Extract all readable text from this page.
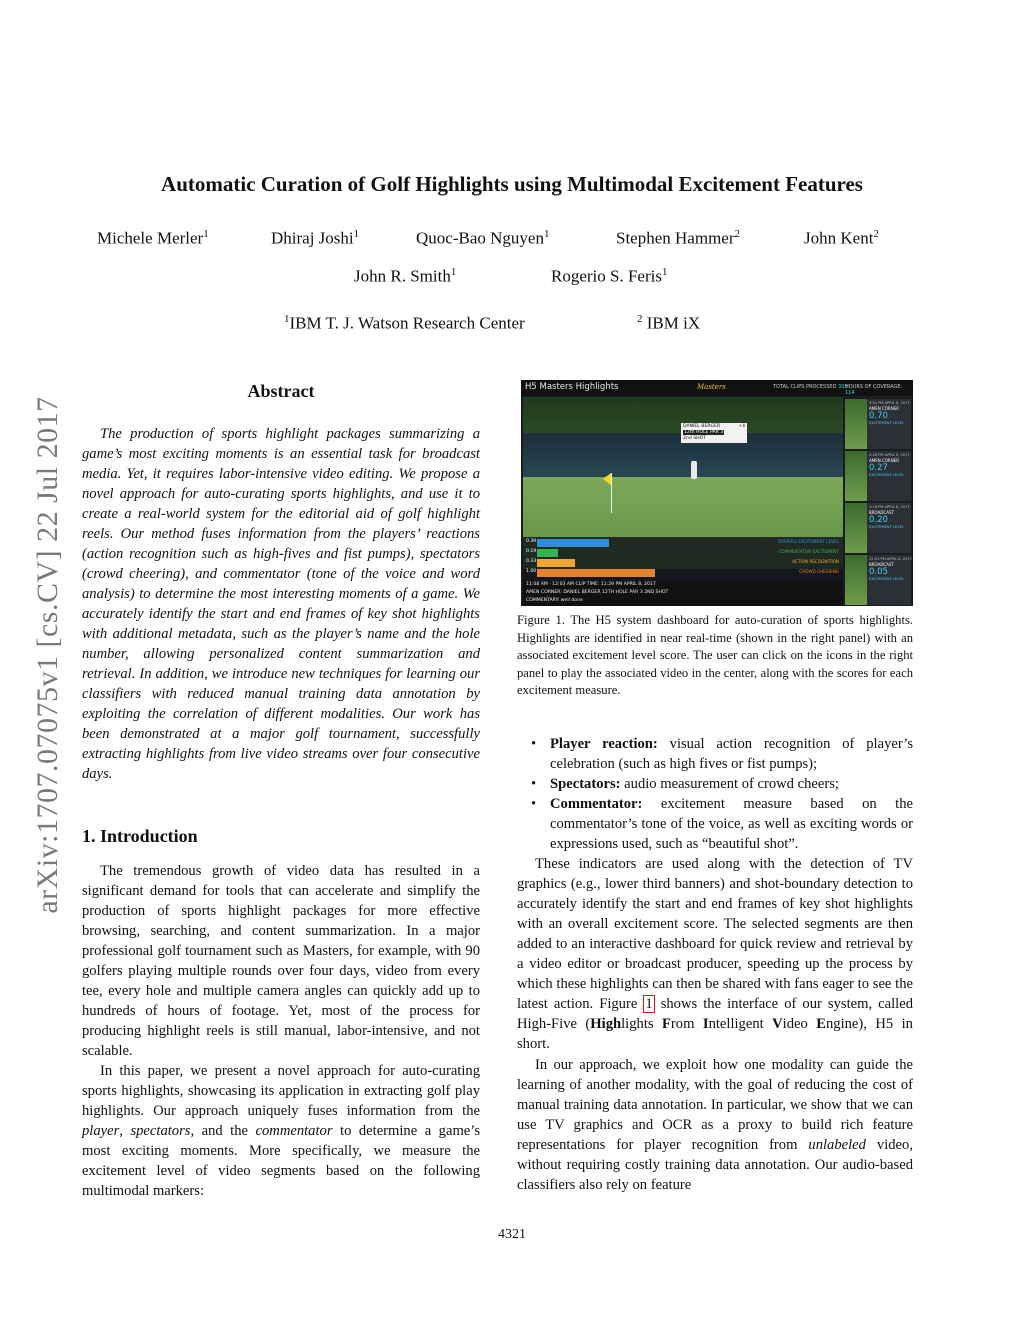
arXiv:1707.07075v1 [cs.CV] 22 Jul 2017
Automatic Curation of Golf Highlights using Multimodal Excitement Features
Michele Merler$^1$	Dhiraj Joshi$^1$	Quoc-Bao Nguyen$^1$	Stephen Hammer$^2$	John Kent$^2$
John R. Smith$^1$	Rogerio S. Feris$^1$
$^1$IBM T. J. Watson Research Center	$^2$ IBM iX
Abstract

The production of sports highlight packages summarizing a game’s most exciting moments is an essential task for broadcast media. Yet, it requires labor-intensive video editing. We propose a novel approach for auto-curating sports highlights, and use it to create a real-world system for the editorial aid of golf highlight reels. Our method fuses information from the players’ reactions (action recognition such as high-fives and fist pumps), spectators (crowd cheering), and commentator (tone of the voice and word analysis) to determine the most interesting moments of a game. We accurately identify the start and end frames of key shot highlights with additional metadata, such as the player’s name and the hole number, allowing personalized content summarization and retrieval. In addition, we introduce new techniques for learning our classifiers with reduced manual training data annotation by exploiting the correlation of different modalities. Our work has been demonstrated at a major golf tournament, successfully extracting highlights from live video streams over four consecutive days.

1. Introduction

The tremendous growth of video data has resulted in a significant demand for tools that can accelerate and simplify the production of sports highlight packages for more effective browsing, searching, and content summarization. In a major professional golf tournament such as Masters, for example, with 90 golfers playing multiple rounds over four days, video from every tee, every hole and multiple camera angles can quickly add up to hundreds of hours of footage. Yet, most of the process for producing highlight reels is still manual, labor-intensive, and not scalable.

In this paper, we present a novel approach for auto-curating sports highlights, showcasing its application in extracting golf play highlights. Our approach uniquely fuses information from the player, spectators, and the commentator to determine a game’s most exciting moments. More specifically, we measure the excitement level of video segments based on the following multimodal markers:

H5 Masters Highlights	Masters	TOTAL CLIPS PROCESSED 303
HOURS OF COVERAGE: 114
DANIEL BERGER	+4
12th HOLE PAR 3
2nd SHOT
0.39	OVERALL EXCITEMENT LEVEL
0.19	COMMENTATOR EXCITEMENT
0.33	ACTION RECOGNITION
1.00	CROWD CHEERING
11:08 AM · 12:03 AM CLIP TIME: 11:29 PM APRIL 8, 2017
AMEN CORNER: DANIEL BERGER 12TH HOLE PAR 3 2ND SHOT
COMMENTARY: well done
3:51 PM APRIL 8, 2017
AMEN CORNER
0.70
EXCITEMENT LEVEL
2:48 PM APRIL 8, 2017
AMEN CORNER
0.27
EXCITEMENT LEVEL
1:18 PM APRIL 8, 2017
BROADCAST
0.20
EXCITEMENT LEVEL
12:31 PM APRIL 8, 2017
BROADCAST
0.05
EXCITEMENT LEVEL

Figure 1. The H5 system dashboard for auto-curation of sports highlights. Highlights are identified in near real-time (shown in the right panel) with an associated excitement level score. The user can click on the icons in the right panel to play the associated video in the center, along with the scores for each excitement measure.

• Player reaction: visual action recognition of player’s celebration (such as high fives or fist pumps);
• Spectators: audio measurement of crowd cheers;
• Commentator: excitement measure based on the commentator’s tone of the voice, as well as exciting words or expressions used, such as “beautiful shot”.

These indicators are used along with the detection of TV graphics (e.g., lower third banners) and shot-boundary detection to accurately identify the start and end frames of key shot highlights with an overall excitement score. The selected segments are then added to an interactive dashboard for quick review and retrieval by a video editor or broadcast producer, speeding up the process by which these highlights can then be shared with fans eager to see the latest action. Figure 1 shows the interface of our system, called High-Five (Highlights From Intelligent Video Engine), H5 in short.

In our approach, we exploit how one modality can guide the learning of another modality, with the goal of reducing the cost of manual training data annotation. In particular, we show that we can use TV graphics and OCR as a proxy to build rich feature representations for player recognition from unlabeled video, without requiring costly training data annotation. Our audio-based classifiers also rely on feature

4321
